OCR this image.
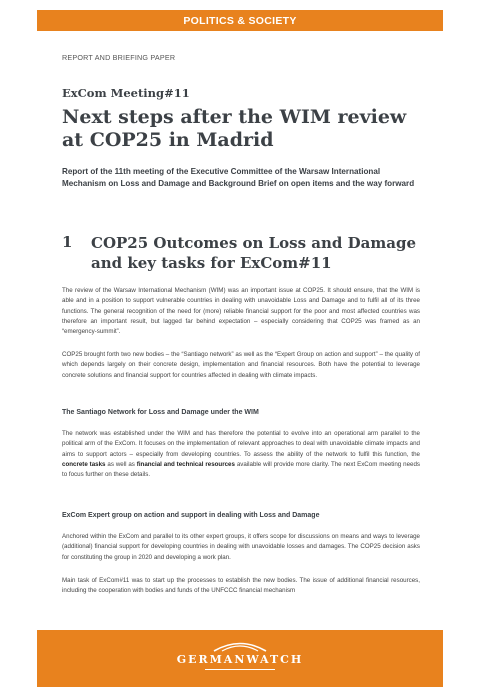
POLITICS & SOCIETY
REPORT AND BRIEFING PAPER
ExCom Meeting#11
Next steps after the WIM review at COP25 in Madrid
Report of the 11th meeting of the Executive Committee of the Warsaw International Mechanism on Loss and Damage and Background Brief on open items and the way forward
1 COP25 Outcomes on Loss and Damage and key tasks for ExCom#11

The review of the Warsaw International Mechanism (WIM) was an important issue at COP25. It should ensure, that the WIM is able and in a position to support vulnerable countries in dealing with unavoidable Loss and Damage and to fulfil all of its three functions. The general recognition of the need for (more) reliable financial support for the poor and most affected countries was therefore an important result, but lagged far behind expectation – especially considering that COP25 was framed as an “emergency-summit”.

COP25 brought forth two new bodies – the “Santiago network” as well as the “Expert Group on action and support” – the quality of which depends largely on their concrete design, implementation and financial resources. Both have the potential to leverage concrete solutions and financial support for countries affected in dealing with climate impacts.

The Santiago Network for Loss and Damage under the WIM

The network was established under the WIM and has therefore the potential to evolve into an operational arm parallel to the political arm of the ExCom. It focuses on the implementation of relevant approaches to deal with unavoidable climate impacts and aims to support actors – especially from developing countries. To assess the ability of the network to fulfil this function, the concrete tasks as well as financial and technical resources available will provide more clarity. The next ExCom meeting needs to focus further on these details.

ExCom Expert group on action and support in dealing with Loss and Damage

Anchored within the ExCom and parallel to its other expert groups, it offers scope for discussions on means and ways to leverage (additional) financial support for developing countries in dealing with unavoidable losses and damages. The COP25 decision asks for constituting the group in 2020 and developing a work plan.

Main task of ExCom#11 was to start up the processes to establish the new bodies. The issue of additional financial resources, including the cooperation with bodies and funds of the UNFCCC financial mechanism

GERMANWATCH
